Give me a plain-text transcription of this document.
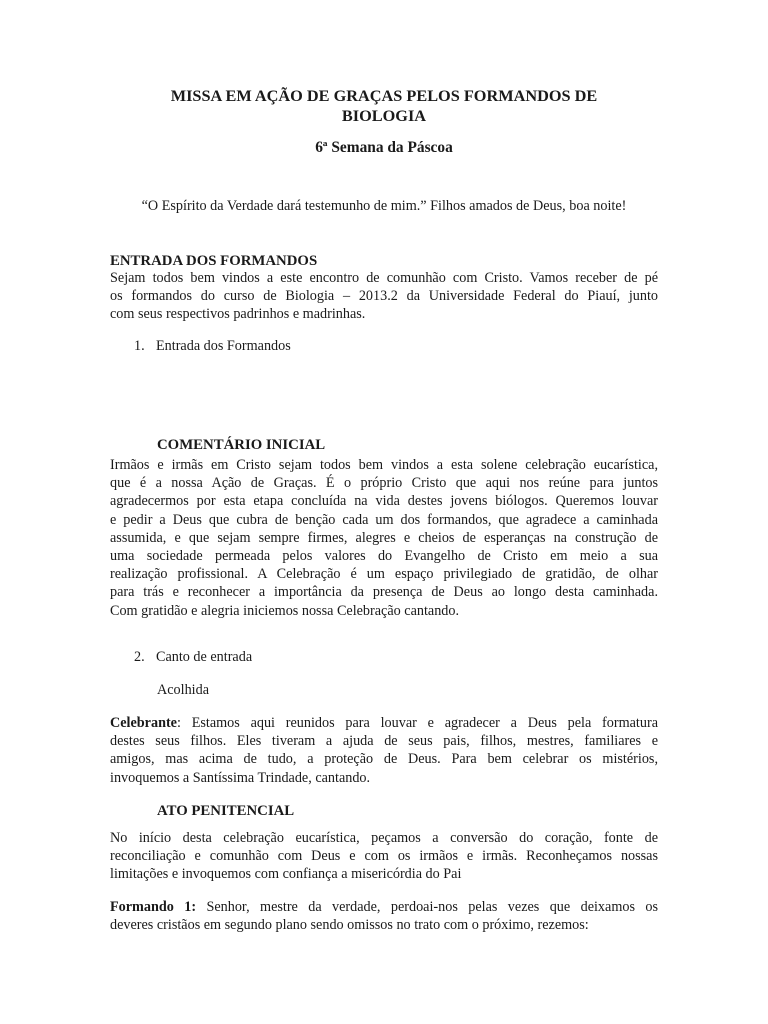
MISSA EM AÇÃO DE GRAÇAS PELOS FORMANDOS DE
BIOLOGIA
6ª Semana da Páscoa
“O Espírito da Verdade dará testemunho de mim.” Filhos amados de Deus, boa noite!
ENTRADA DOS FORMANDOS
Sejam todos bem vindos a este encontro de comunhão com Cristo. Vamos receber de pé
os formandos do curso de Biologia – 2013.2 da Universidade Federal do Piauí, junto
com seus respectivos padrinhos e madrinhas.
1. Entrada dos Formandos
COMENTÁRIO INICIAL
Irmãos e irmãs em Cristo sejam todos bem vindos a esta solene celebração eucarística,
que é a nossa Ação de Graças. É o próprio Cristo que aqui nos reúne para juntos
agradecermos por esta etapa concluída na vida destes jovens biólogos. Queremos louvar
e pedir a Deus que cubra de benção cada um dos formandos, que agradece a caminhada
assumida, e que sejam sempre firmes, alegres e cheios de esperanças na construção de
uma sociedade permeada pelos valores do Evangelho de Cristo em meio a sua
realização profissional. A Celebração é um espaço privilegiado de gratidão, de olhar
para trás e reconhecer a importância da presença de Deus ao longo desta caminhada.
Com gratidão e alegria iniciemos nossa Celebração cantando.
2. Canto de entrada
Acolhida
Celebrante: Estamos aqui reunidos para louvar e agradecer a Deus pela formatura
destes seus filhos. Eles tiveram a ajuda de seus pais, filhos, mestres, familiares e
amigos, mas acima de tudo, a proteção de Deus. Para bem celebrar os mistérios,
invoquemos a Santíssima Trindade, cantando.
ATO PENITENCIAL
No início desta celebração eucarística, peçamos a conversão do coração, fonte de
reconciliação e comunhão com Deus e com os irmãos e irmãs. Reconheçamos nossas
limitações e invoquemos com confiança a misericórdia do Pai
Formando 1: Senhor, mestre da verdade, perdoai-nos pelas vezes que deixamos os
deveres cristãos em segundo plano sendo omissos no trato com o próximo, rezemos:
